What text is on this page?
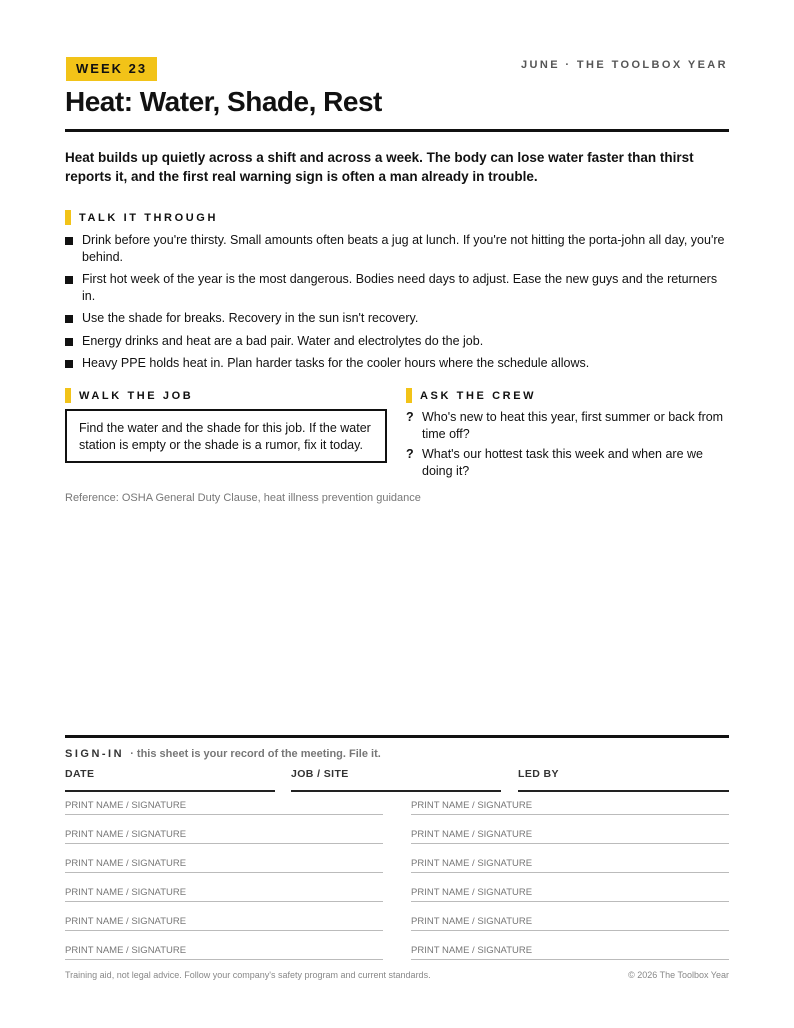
WEEK 23	JUNE · THE TOOLBOX YEAR
Heat: Water, Shade, Rest

Heat builds up quietly across a shift and across a week. The body can lose water faster than thirst reports it, and the first real warning sign is often a man already in trouble.

TALK IT THROUGH
Drink before you're thirsty. Small amounts often beats a jug at lunch. If you're not hitting the porta-john all day, you're behind.
First hot week of the year is the most dangerous. Bodies need days to adjust. Ease the new guys and the returners in.
Use the shade for breaks. Recovery in the sun isn't recovery.
Energy drinks and heat are a bad pair. Water and electrolytes do the job.
Heavy PPE holds heat in. Plan harder tasks for the cooler hours where the schedule allows.
WALK THE JOB
Find the water and the shade for this job. If the water station is empty or the shade is a rumor, fix it today.
ASK THE CREW
? Who's new to heat this year, first summer or back from time off?
? What's our hottest task this week and when are we doing it?
Reference: OSHA General Duty Clause, heat illness prevention guidance
SIGN-IN · this sheet is your record of the meeting. File it.
DATE	JOB / SITE	LED BY
PRINT NAME / SIGNATURE
PRINT NAME / SIGNATURE
PRINT NAME / SIGNATURE
PRINT NAME / SIGNATURE
PRINT NAME / SIGNATURE
PRINT NAME / SIGNATURE
PRINT NAME / SIGNATURE
PRINT NAME / SIGNATURE
PRINT NAME / SIGNATURE
PRINT NAME / SIGNATURE
PRINT NAME / SIGNATURE
PRINT NAME / SIGNATURE
Training aid, not legal advice. Follow your company's safety program and current standards.	© 2026 The Toolbox Year
